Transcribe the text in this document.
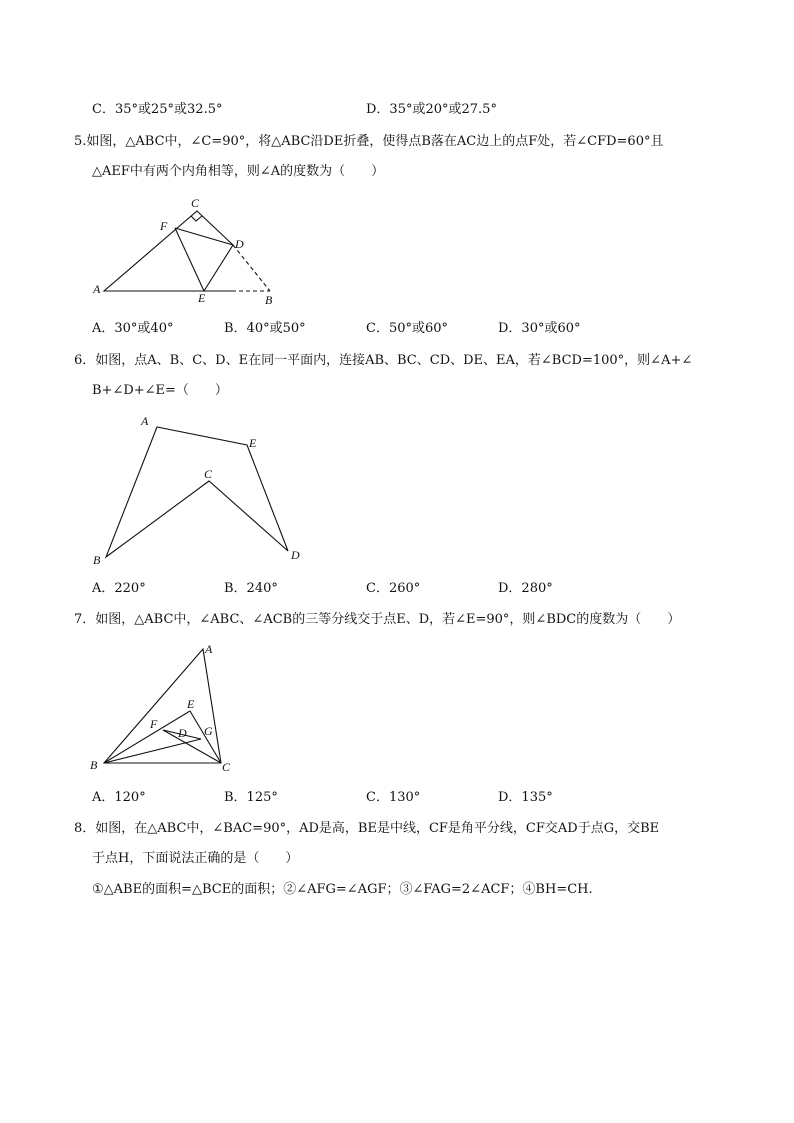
C．35°或25°或32.5°	D．35°或20°或27.5°
5.如图，△ABC中，∠C=90°，将△ABC沿DE折叠，使得点B落在AC边上的点F处，若∠CFD=60°且
△AEF中有两个内角相等，则∠A的度数为（　　）
A
B
C
D
E
F
A．30°或40°	B．40°或50°	C．50°或60°	D．30°或60°
6．如图，点A、B、C、D、E在同一平面内，连接AB、BC、CD、DE、EA，若∠BCD=100°，则∠A+∠
B+∠D+∠E=（　　）
A
B
C
D
E
A．220°	B．240°	C．260°	D．280°
7．如图，△ABC中，∠ABC、∠ACB的三等分线交于点E、D，若∠E=90°，则∠BDC的度数为（　　）
A
B	C
D
E
F	G
A．120°	B．125°	C．130°	D．135°
8．如图，在△ABC中，∠BAC=90°，AD是高，BE是中线，CF是角平分线，CF交AD于点G，交BE
于点H，下面说法正确的是（　　）
①△ABE的面积=△BCE的面积；②∠AFG=∠AGF；③∠FAG=2∠ACF；④BH=CH.
